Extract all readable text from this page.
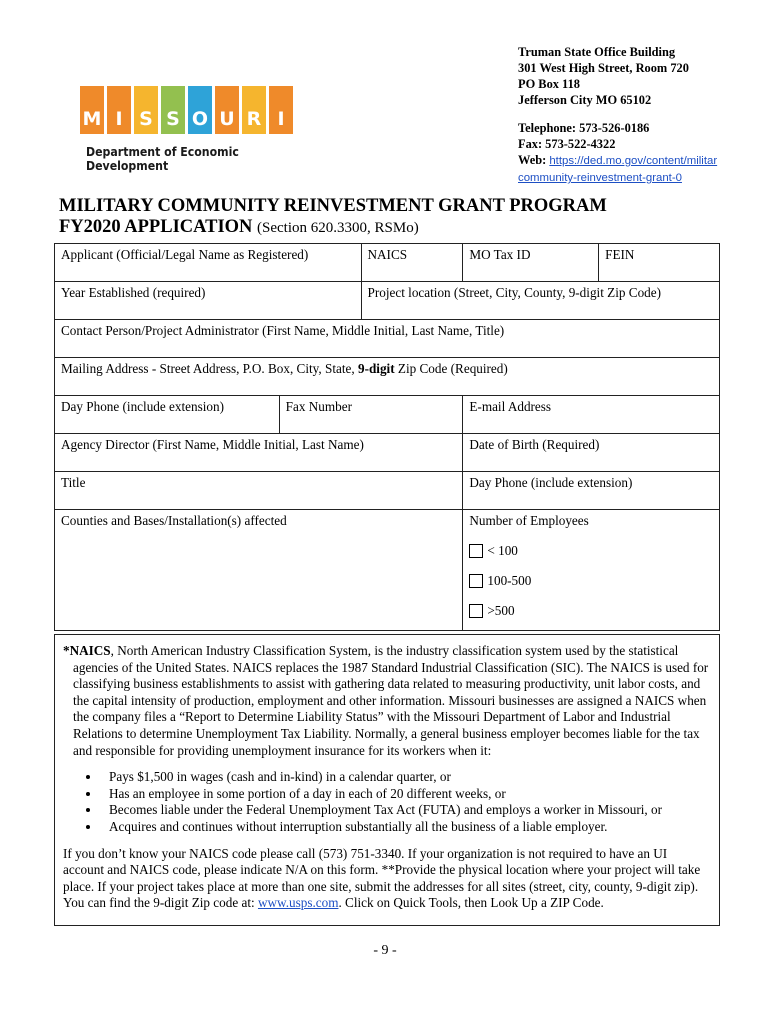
M I S S O U R I
Department of Economic Development
Truman State Office Building
301 West High Street, Room 720
PO Box 118
Jefferson City MO 65102
Telephone: 573-526-0186
Fax: 573-522-4322
Web: https://ded.mo.gov/content/militar
community-reinvestment-grant-0
MILITARY COMMUNITY REINVESTMENT GRANT PROGRAM
FY2020 APPLICATION (Section 620.3300, RSMo)
Applicant (Official/Legal Name as Registered)		NAICS	MO Tax ID	FEIN
Year Established (required)		Project location (Street, City, County, 9-digit Zip Code)		
Contact Person/Project Administrator (First Name, Middle Initial, Last Name, Title)				
Mailing Address - Street Address, P.O. Box, City, State, 9-digit Zip Code (Required)				
Day Phone (include extension)	Fax Number		E-mail Address	
Agency Director (First Name, Middle Initial, Last Name)			Date of Birth (Required)	
Title			Day Phone (include extension)	
Counties and Bases/Installation(s) affected			Number of Employees
< 100
100-500
>500	

*NAICS, North American Industry Classification System, is the industry classification system used by the statistical agencies of the United States. NAICS replaces the 1987 Standard Industrial Classification (SIC). The NAICS is used for classifying business establishments to assist with gathering data related to measuring productivity, unit labor costs, and the capital intensity of production, employment and other information. Missouri businesses are assigned a NAICS when the company files a “Report to Determine Liability Status” with the Missouri Department of Labor and Industrial Relations to determine Unemployment Tax Liability. Normally, a general business employer becomes liable for the tax and responsible for providing unemployment insurance for its workers when it:

• Pays $1,500 in wages (cash and in-kind) in a calendar quarter, or
• Has an employee in some portion of a day in each of 20 different weeks, or
• Becomes liable under the Federal Unemployment Tax Act (FUTA) and employs a worker in Missouri, or
• Acquires and continues without interruption substantially all the business of a liable employer.

If you don’t know your NAICS code please call (573) 751-3340. If your organization is not required to have an UI account and NAICS code, please indicate N/A on this form. **Provide the physical location where your project will take place. If your project takes place at more than one site, submit the addresses for all sites (street, city, county, 9-digit zip). You can find the 9-digit Zip code at: www.usps.com. Click on Quick Tools, then Look Up a ZIP Code.

- 9 -
